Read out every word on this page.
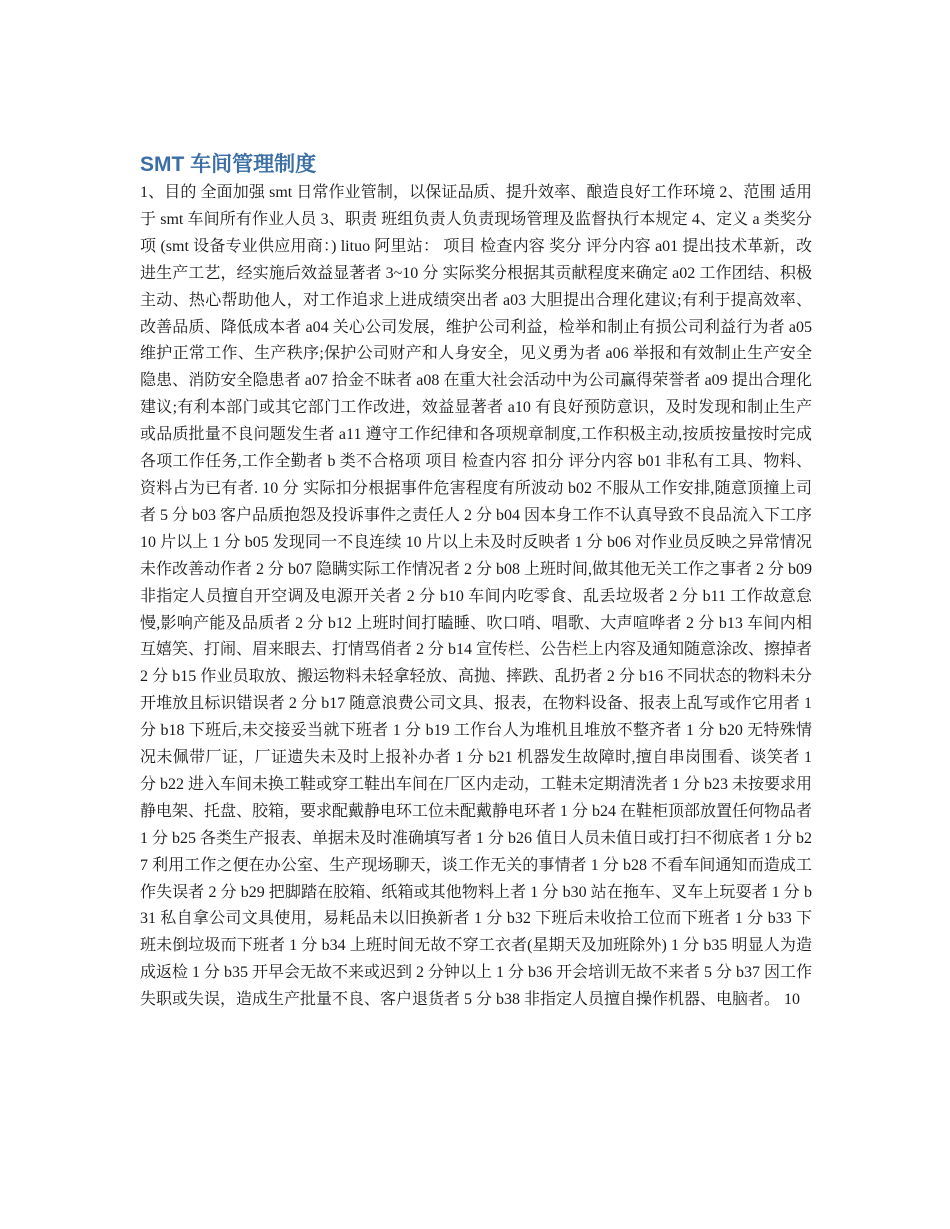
SMT 车间管理制度

1、目的 全面加强 smt 日常作业管制，以保证品质、提升效率、酿造良好工作环境 2、范围 适用于 smt 车间所有作业人员 3、职责 班组负责人负责现场管理及监督执行本规定 4、定义 a 类奖分项 (smt 设备专业供应用商：) lituo 阿里站： 项目 检查内容 奖分 评分内容 a01 提出技术革新，改进生产工艺，经实施后效益显著者 3~10 分 实际奖分根据其贡献程度来确定 a02 工作团结、积极主动、热心帮助他人，对工作追求上进成绩突出者 a03 大胆提出合理化建议;有利于提高效率、改善品质、降低成本者 a04 关心公司发展，维护公司利益，检举和制止有损公司利益行为者 a05 维护正常工作、生产秩序;保护公司财产和人身安全，见义勇为者 a06 举报和有效制止生产安全隐患、消防安全隐患者 a07 拾金不昧者 a08 在重大社会活动中为公司赢得荣誉者 a09 提出合理化建议;有利本部门或其它部门工作改进，效益显著者 a10 有良好预防意识，及时发现和制止生产或品质批量不良问题发生者 a11 遵守工作纪律和各项规章制度,工作积极主动,按质按量按时完成各项工作任务,工作全勤者 b 类不合格项 项目 检查内容 扣分 评分内容 b01 非私有工具、物料、资料占为已有者. 10 分 实际扣分根据事件危害程度有所波动 b02 不服从工作安排,随意顶撞上司者 5 分 b03 客户品质抱怨及投诉事件之责任人 2 分 b04 因本身工作不认真导致不良品流入下工序 10 片以上 1 分 b05 发现同一不良连续 10 片以上未及时反映者 1 分 b06 对作业员反映之异常情况未作改善动作者 2 分 b07 隐瞒实际工作情况者 2 分 b08 上班时间,做其他无关工作之事者 2 分 b09 非指定人员擅自开空调及电源开关者 2 分 b10 车间内吃零食、乱丢垃圾者 2 分 b11 工作故意怠慢,影响产能及品质者 2 分 b12 上班时间打瞌睡、吹口哨、唱歌、大声喧哗者 2 分 b13 车间内相互嬉笑、打闹、眉来眼去、打情骂俏者 2 分 b14 宣传栏、公告栏上内容及通知随意涂改、擦掉者 2 分 b15 作业员取放、搬运物料未轻拿轻放、高抛、摔跌、乱扔者 2 分 b16 不同状态的物料未分开堆放且标识错误者 2 分 b17 随意浪费公司文具、报表，在物料设备、报表上乱写或作它用者 1 分 b18 下班后,未交接妥当就下班者 1 分 b19 工作台人为堆机且堆放不整齐者 1 分 b20 无特殊情况未佩带厂证，厂证遗失未及时上报补办者 1 分 b21 机器发生故障时,擅自串岗围看、谈笑者 1 分 b22 进入车间未换工鞋或穿工鞋出车间在厂区内走动，工鞋未定期清洗者 1 分 b23 未按要求用静电架、托盘、胶箱，要求配戴静电环工位未配戴静电环者 1 分 b24 在鞋柜顶部放置任何物品者 1 分 b25 各类生产报表、单据未及时准确填写者 1 分 b26 值日人员未值日或打扫不彻底者 1 分 b27 利用工作之便在办公室、生产现场聊天，谈工作无关的事情者 1 分 b28 不看车间通知而造成工作失误者 2 分 b29 把脚踏在胶箱、纸箱或其他物料上者 1 分 b30 站在拖车、叉车上玩耍者 1 分 b31 私自拿公司文具使用，易耗品未以旧换新者 1 分 b32 下班后未收拾工位而下班者 1 分 b33 下班未倒垃圾而下班者 1 分 b34 上班时间无故不穿工衣者(星期天及加班除外) 1 分 b35 明显人为造成返检 1 分 b35 开早会无故不来或迟到 2 分钟以上 1 分 b36 开会培训无故不来者 5 分 b37 因工作失职或失误，造成生产批量不良、客户退货者 5 分 b38 非指定人员擅自操作机器、电脑者。 10
